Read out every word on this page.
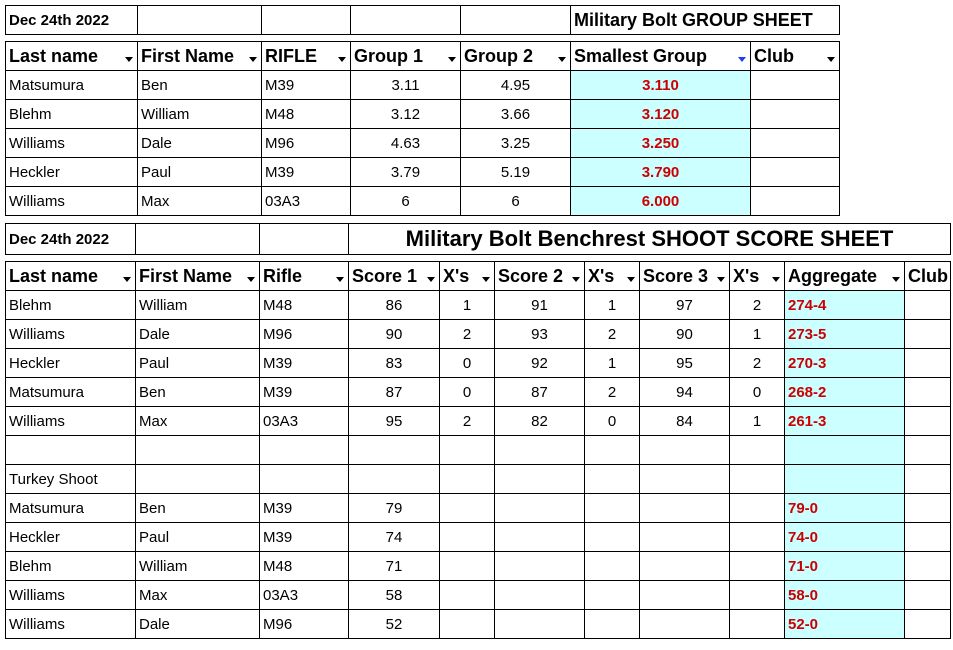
Dec 24th 2022					Military Bolt GROUP SHEET	

Last name	First Name	RIFLE	Group 1	Group 2	Smallest Group	Club

Matsumura	Ben	M39	3.11	4.95	3.110	
Blehm	William	M48	3.12	3.66	3.120	
Williams	Dale	M96	4.63	3.25	3.250	
Heckler	Paul	M39	3.79	5.19	3.790	
Williams	Max	03A3	6	6	6.000	
Dec 24th 2022			Military Bolt Benchrest SHOOT SCORE SHEET							

Last name	First Name	Rifle	Score 1	X's	Score 2	X's	Score 3	X's	Aggregate	Club
Blehm	William	M48	86	1	91	1	97	2	274-4	
Williams	Dale	M96	90	2	93	2	90	1	273-5	
Heckler	Paul	M39	83	0	92	1	95	2	270-3	
Matsumura	Ben	M39	87	0	87	2	94	0	268-2	
Williams	Max	03A3	95	2	82	0	84	1	261-3	

Turkey Shoot										
Matsumura	Ben	M39	79						79-0	
Heckler	Paul	M39	74						74-0	
Blehm	William	M48	71						71-0	
Williams	Max	03A3	58						58-0	
Williams	Dale	M96	52						52-0	
